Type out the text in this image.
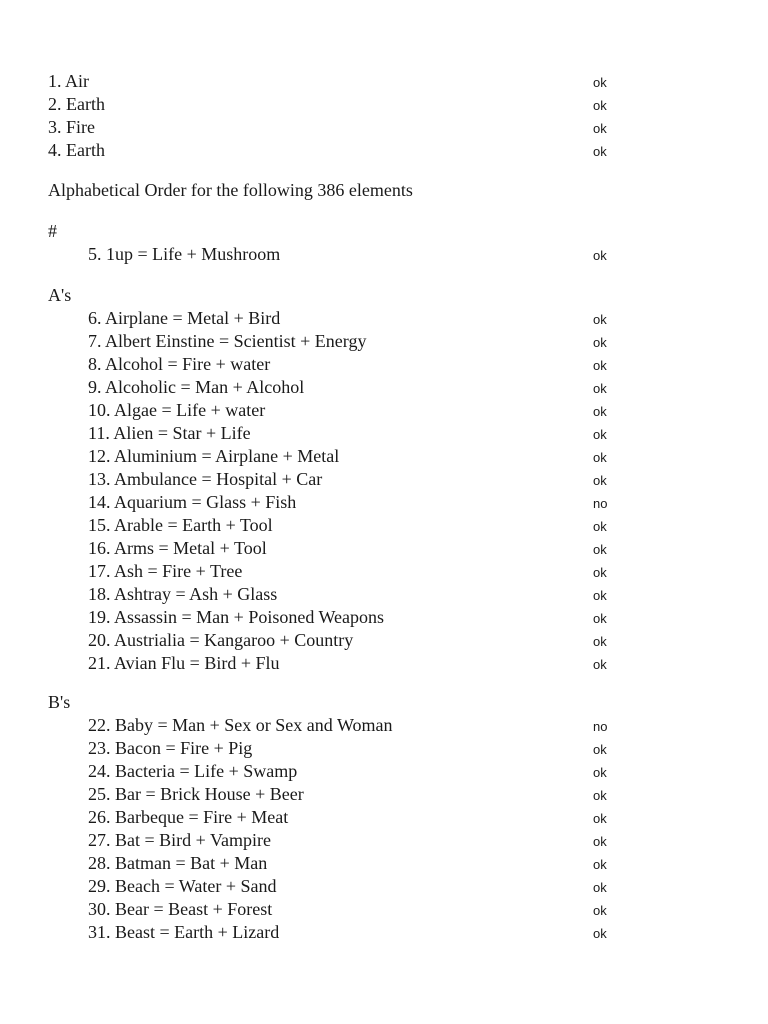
1. Air	ok
2. Earth	ok
3. Fire	ok
4. Earth	ok
Alphabetical Order for the following 386 elements
#
5. 1up = Life + Mushroom	ok
A's
6. Airplane = Metal + Bird	ok
7. Albert Einstine = Scientist + Energy	ok
8. Alcohol = Fire + water	ok
9. Alcoholic = Man + Alcohol	ok
10. Algae = Life + water	ok
11. Alien = Star + Life	ok
12. Aluminium = Airplane + Metal	ok
13. Ambulance = Hospital + Car	ok
14. Aquarium = Glass + Fish	no
15. Arable = Earth + Tool	ok
16. Arms = Metal + Tool	ok
17. Ash = Fire + Tree	ok
18. Ashtray = Ash + Glass	ok
19. Assassin = Man + Poisoned Weapons	ok
20. Austrialia = Kangaroo + Country	ok
21. Avian Flu = Bird + Flu	ok
B's
22. Baby = Man + Sex or Sex and Woman	no
23. Bacon = Fire + Pig	ok
24. Bacteria = Life + Swamp	ok
25. Bar = Brick House + Beer	ok
26. Barbeque = Fire + Meat	ok
27. Bat = Bird + Vampire	ok
28. Batman = Bat + Man	ok
29. Beach = Water + Sand	ok
30. Bear = Beast + Forest	ok
31. Beast = Earth + Lizard	ok
